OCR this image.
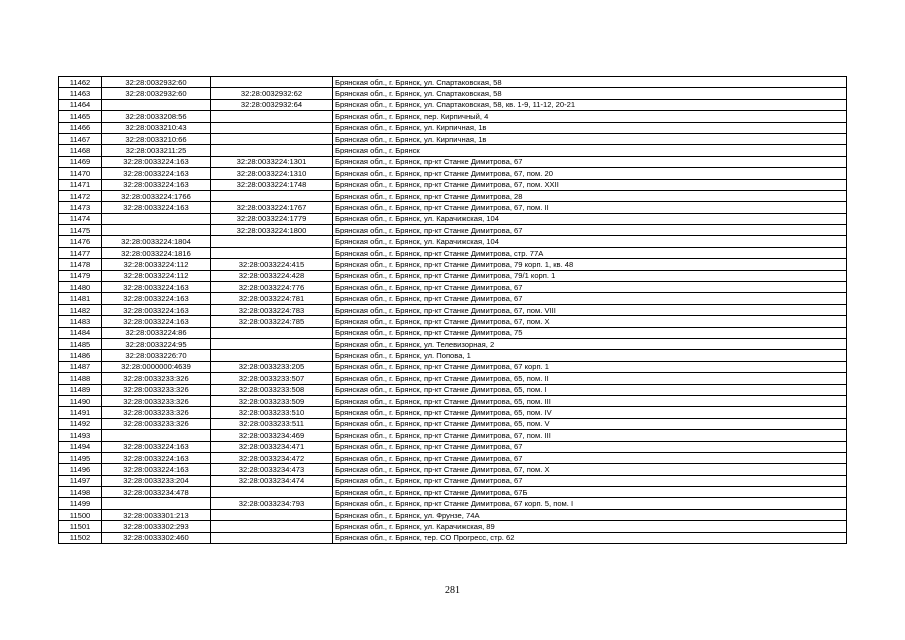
11462	32:28:0032932:60		Брянская обл., г. Брянск, ул. Спартаковская, 58
11463	32:28:0032932:60	32:28:0032932:62	Брянская обл., г. Брянск, ул. Спартаковская, 58
11464		32:28:0032932:64	Брянская обл., г. Брянск, ул. Спартаковская, 58, кв. 1-9, 11-12, 20-21
11465	32:28:0033208:56		Брянская обл., г. Брянск, пер. Кирпичный, 4
11466	32:28:0033210:43		Брянская обл., г. Брянск, ул. Кирпичная, 1в
11467	32:28:0033210:66		Брянская обл., г. Брянск, ул. Кирпичная, 1в
11468	32:28:0033211:25		Брянская обл., г. Брянск
11469	32:28:0033224:163	32:28:0033224:1301	Брянская обл., г. Брянск, пр-кт Станке Димитрова, 67
11470	32:28:0033224:163	32:28:0033224:1310	Брянская обл., г. Брянск, пр-кт Станке Димитрова, 67, пом. 20
11471	32:28:0033224:163	32:28:0033224:1748	Брянская обл., г. Брянск, пр-кт Станке Димитрова, 67, пом. XXII
11472	32:28:0033224:1766		Брянская обл., г. Брянск, пр-кт Станке Димитрова, 28
11473	32:28:0033224:163	32:28:0033224:1767	Брянская обл., г. Брянск, пр-кт Станке Димитрова, 67, пом. II
11474		32:28:0033224:1779	Брянская обл., г. Брянск, ул. Карачижская, 104
11475		32:28:0033224:1800	Брянская обл., г. Брянск, пр-кт Станке Димитрова, 67
11476	32:28:0033224:1804		Брянская обл., г. Брянск, ул. Карачижская, 104
11477	32:28:0033224:1816		Брянская обл., г. Брянск, пр-кт Станке Димитрова, стр. 77А
11478	32:28:0033224:112	32:28:0033224:415	Брянская обл., г. Брянск, пр-кт Станке Димитрова, 79 корп. 1, кв. 48
11479	32:28:0033224:112	32:28:0033224:428	Брянская обл., г. Брянск, пр-кт Станке Димитрова, 79/1 корп. 1
11480	32:28:0033224:163	32:28:0033224:776	Брянская обл., г. Брянск, пр-кт Станке Димитрова, 67
11481	32:28:0033224:163	32:28:0033224:781	Брянская обл., г. Брянск, пр-кт Станке Димитрова, 67
11482	32:28:0033224:163	32:28:0033224:783	Брянская обл., г. Брянск, пр-кт Станке Димитрова, 67, пом. VIII
11483	32:28:0033224:163	32:28:0033224:785	Брянская обл., г. Брянск, пр-кт Станке Димитрова, 67, пом. X
11484	32:28:0033224:86		Брянская обл., г. Брянск, пр-кт Станке Димитрова, 75
11485	32:28:0033224:95		Брянская обл., г. Брянск, ул. Телевизорная, 2
11486	32:28:0033226:70		Брянская обл., г. Брянск, ул. Попова, 1
11487	32:28:0000000:4639	32:28:0033233:205	Брянская обл., г. Брянск, пр-кт Станке Димитрова, 67 корп. 1
11488	32:28:0033233:326	32:28:0033233:507	Брянская обл., г. Брянск, пр-кт Станке Димитрова, 65, пом. II
11489	32:28:0033233:326	32:28:0033233:508	Брянская обл., г. Брянск, пр-кт Станке Димитрова, 65, пом. I
11490	32:28:0033233:326	32:28:0033233:509	Брянская обл., г. Брянск, пр-кт Станке Димитрова, 65, пом. III
11491	32:28:0033233:326	32:28:0033233:510	Брянская обл., г. Брянск, пр-кт Станке Димитрова, 65, пом. IV
11492	32:28:0033233:326	32:28:0033233:511	Брянская обл., г. Брянск, пр-кт Станке Димитрова, 65, пом. V
11493		32:28:0033234:469	Брянская обл., г. Брянск, пр-кт Станке Димитрова, 67, пом. III
11494	32:28:0033224:163	32:28:0033234:471	Брянская обл., г. Брянск, пр-кт Станке Димитрова, 67
11495	32:28:0033224:163	32:28:0033234:472	Брянская обл., г. Брянск, пр-кт Станке Димитрова, 67
11496	32:28:0033224:163	32:28:0033234:473	Брянская обл., г. Брянск, пр-кт Станке Димитрова, 67, пом. X
11497	32:28:0033233:204	32:28:0033234:474	Брянская обл., г. Брянск, пр-кт Станке Димитрова, 67
11498	32:28:0033234:478		Брянская обл., г. Брянск, пр-кт Станке Димитрова, 67Б
11499		32:28:0033234:793	Брянская обл., г. Брянск, пр-кт Станке Димитрова, 67 корп. 5, пом. I
11500	32:28:0033301:213		Брянская обл., г. Брянск, ул. Фрунзе, 74А
11501	32:28:0033302:293		Брянская обл., г. Брянск, ул. Карачижская, 89
11502	32:28:0033302:460		Брянская обл., г. Брянск, тер. СО Прогресс, стр. 62
281
